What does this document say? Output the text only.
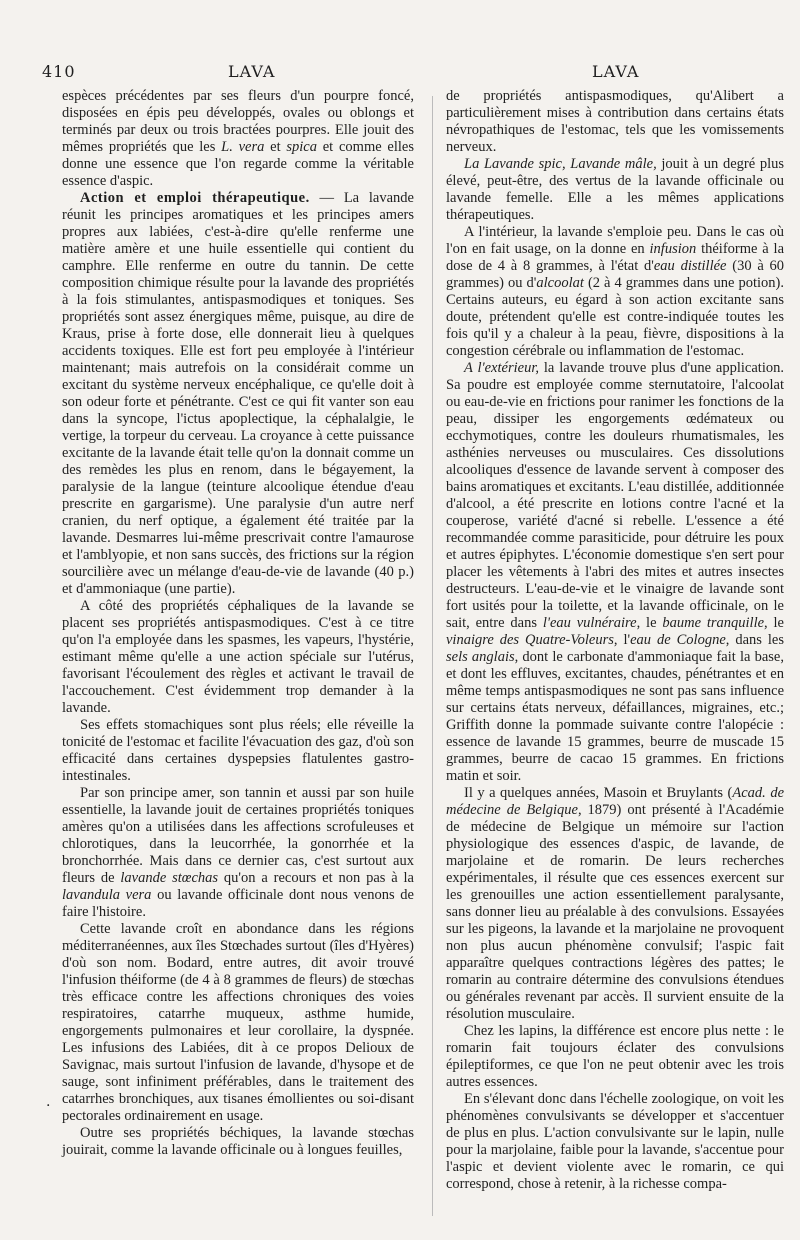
410	LAVA	LAVA
.

espèces précédentes par ses fleurs d'un pourpre foncé, disposées en épis peu développés, ovales ou oblongs et terminés par deux ou trois bractées pourpres. Elle jouit des mêmes propriétés que les L. vera et spica et comme elles donne une essence que l'on regarde comme la véritable essence d'aspic.

Action et emploi thérapeutique. — La lavande réunit les principes aromatiques et les principes amers propres aux labiées, c'est-à-dire qu'elle renferme une matière amère et une huile essentielle qui contient du camphre. Elle renferme en outre du tannin. De cette composition chimique résulte pour la lavande des propriétés à la fois stimulantes, antispasmodiques et toniques. Ses propriétés sont assez énergiques même, puisque, au dire de Kraus, prise à forte dose, elle donnerait lieu à quelques accidents toxiques. Elle est fort peu employée à l'intérieur maintenant; mais autrefois on la considérait comme un excitant du système nerveux encéphalique, ce qu'elle doit à son odeur forte et pénétrante. C'est ce qui fit vanter son eau dans la syncope, l'ictus apoplectique, la céphalalgie, le vertige, la torpeur du cerveau. La croyance à cette puissance excitante de la lavande était telle qu'on la donnait comme un des remèdes les plus en renom, dans le bégayement, la paralysie de la langue (teinture alcoolique étendue d'eau prescrite en gargarisme). Une paralysie d'un autre nerf cranien, du nerf optique, a également été traitée par la lavande. Desmarres lui-même prescrivait contre l'amaurose et l'amblyopie, et non sans succès, des frictions sur la région sourcilière avec un mélange d'eau-de-vie de lavande (40 p.) et d'ammoniaque (une partie).

A côté des propriétés céphaliques de la lavande se placent ses propriétés antispasmodiques. C'est à ce titre qu'on l'a employée dans les spasmes, les vapeurs, l'hystérie, estimant même qu'elle a une action spéciale sur l'utérus, favorisant l'écoulement des règles et activant le travail de l'accouchement. C'est évidemment trop demander à la lavande.

Ses effets stomachiques sont plus réels; elle réveille la tonicité de l'estomac et facilite l'évacuation des gaz, d'où son efficacité dans certaines dyspepsies flatulentes gastro-intestinales.

Par son principe amer, son tannin et aussi par son huile essentielle, la lavande jouit de certaines propriétés toniques amères qu'on a utilisées dans les affections scrofuleuses et chlorotiques, dans la leucorrhée, la gonorrhée et la bronchorrhée. Mais dans ce dernier cas, c'est surtout aux fleurs de lavande stœchas qu'on a recours et non pas à la lavandula vera ou lavande officinale dont nous venons de faire l'histoire.

Cette lavande croît en abondance dans les régions méditerranéennes, aux îles Stœchades surtout (îles d'Hyères) d'où son nom. Bodard, entre autres, dit avoir trouvé l'infusion théiforme (de 4 à 8 grammes de fleurs) de stœchas très efficace contre les affections chroniques des voies respiratoires, catarrhe muqueux, asthme humide, engorgements pulmonaires et leur corollaire, la dyspnée. Les infusions des Labiées, dit à ce propos Delioux de Savignac, mais surtout l'infusion de lavande, d'hysope et de sauge, sont infiniment préférables, dans le traitement des catarrhes bronchiques, aux tisanes émollientes ou soi-disant pectorales ordinairement en usage.

Outre ses propriétés béchiques, la lavande stœchas jouirait, comme la lavande officinale ou à longues feuilles,

de propriétés antispasmodiques, qu'Alibert a particulièrement mises à contribution dans certains états névropathiques de l'estomac, tels que les vomissements nerveux.

La Lavande spic, Lavande mâle, jouit à un degré plus élevé, peut-être, des vertus de la lavande officinale ou lavande femelle. Elle a les mêmes applications thérapeutiques.

A l'intérieur, la lavande s'emploie peu. Dans le cas où l'on en fait usage, on la donne en infusion théiforme à la dose de 4 à 8 grammes, à l'état d'eau distillée (30 à 60 grammes) ou d'alcoolat (2 à 4 grammes dans une potion). Certains auteurs, eu égard à son action excitante sans doute, prétendent qu'elle est contre-indiquée toutes les fois qu'il y a chaleur à la peau, fièvre, dispositions à la congestion cérébrale ou inflammation de l'estomac.

A l'extérieur, la lavande trouve plus d'une application. Sa poudre est employée comme sternutatoire, l'alcoolat ou eau-de-vie en frictions pour ranimer les fonctions de la peau, dissiper les engorgements œdémateux ou ecchymotiques, contre les douleurs rhumatismales, les asthénies nerveuses ou musculaires. Ces dissolutions alcooliques d'essence de lavande servent à composer des bains aromatiques et excitants. L'eau distillée, additionnée d'alcool, a été prescrite en lotions contre l'acné et la couperose, variété d'acné si rebelle. L'essence a été recommandée comme parasiticide, pour détruire les poux et autres épiphytes. L'économie domestique s'en sert pour placer les vêtements à l'abri des mites et autres insectes destructeurs. L'eau-de-vie et le vinaigre de lavande sont fort usités pour la toilette, et la lavande officinale, on le sait, entre dans l'eau vulnéraire, le baume tranquille, le vinaigre des Quatre-Voleurs, l'eau de Cologne, dans les sels anglais, dont le carbonate d'ammoniaque fait la base, et dont les effluves, excitantes, chaudes, pénétrantes et en même temps antispasmodiques ne sont pas sans influence sur certains états nerveux, défaillances, migraines, etc.; Griffith donne la pommade suivante contre l'alopécie : essence de lavande 15 grammes, beurre de muscade 15 grammes, beurre de cacao 15 grammes. En frictions matin et soir.

Il y a quelques années, Masoin et Bruylants (Acad. de médecine de Belgique, 1879) ont présenté à l'Académie de médecine de Belgique un mémoire sur l'action physiologique des essences d'aspic, de lavande, de marjolaine et de romarin. De leurs recherches expérimentales, il résulte que ces essences exercent sur les grenouilles une action essentiellement paralysante, sans donner lieu au préalable à des convulsions. Essayées sur les pigeons, la lavande et la marjolaine ne provoquent non plus aucun phénomène convulsif; l'aspic fait apparaître quelques contractions légères des pattes; le romarin au contraire détermine des convulsions étendues ou générales revenant par accès. Il survient ensuite de la résolution musculaire.

Chez les lapins, la différence est encore plus nette : le romarin fait toujours éclater des convulsions épileptiformes, ce que l'on ne peut obtenir avec les trois autres essences.

En s'élevant donc dans l'échelle zoologique, on voit les phénomènes convulsivants se développer et s'accentuer de plus en plus. L'action convulsivante sur le lapin, nulle pour la marjolaine, faible pour la lavande, s'accentue pour l'aspic et devient violente avec le romarin, ce qui correspond, chose à retenir, à la richesse compa-
